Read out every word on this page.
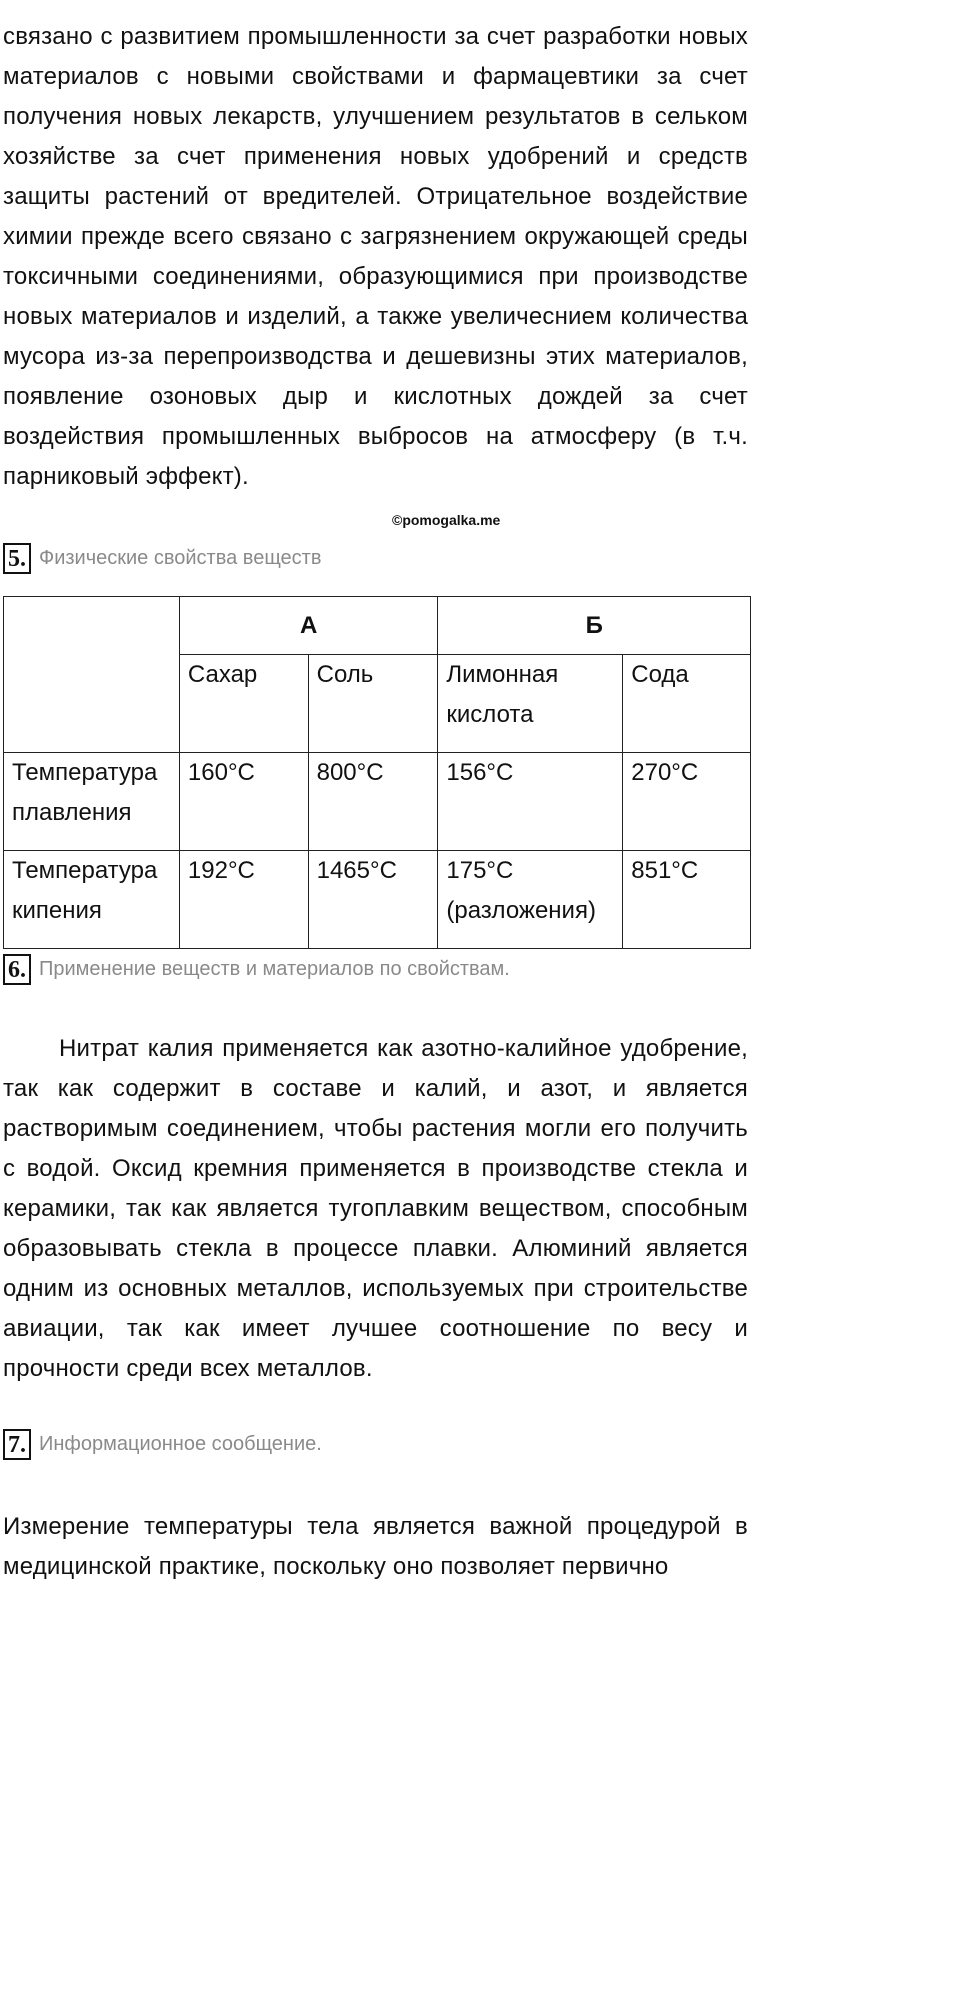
связано с развитием промышленности за счет разработки новых материалов с новыми свойствами и фармацевтики за счет получения новых лекарств, улучшением результатов в сельком хозяйстве за счет применения новых удобрений и средств защиты растений от вредителей. Отрицательное воздействие химии прежде всего связано с загрязнением окружающей среды токсичными соединениями, образующимися при производстве новых материалов и изделий, а также увеличеснием количества мусора из-за перепроизводства и дешевизны этих материалов, появление озоновых дыр и кислотных дождей за счет воздействия промышленных выбросов на атмосферу (в т.ч. парниковый эффект).

©pomogalka.me
5. Физические свойства веществ
	А		Б	
	Сахар	Соль	Лимонная кислота	Сода
Температура плавления	160°C	800°C	156°C	270°C
Температура кипения	192°C	1465°C	175°C (разложения)	851°C
6. Применение веществ и материалов по свойствам.

Нитрат калия применяется как азотно-калийное удобрение, так как содержит в составе и калий, и азот, и является растворимым соединением, чтобы растения могли его получить с водой. Оксид кремния применяется в производстве стекла и керамики, так как является тугоплавким веществом, способным образовывать стекла в процессе плавки. Алюминий является одним из основных металлов, используемых при строительстве авиации, так как имеет лучшее соотношение по весу и прочности среди всех металлов.

7. Информационное сообщение.

Измерение температуры тела является важной процедурой в медицинской практике, поскольку оно позволяет первично
